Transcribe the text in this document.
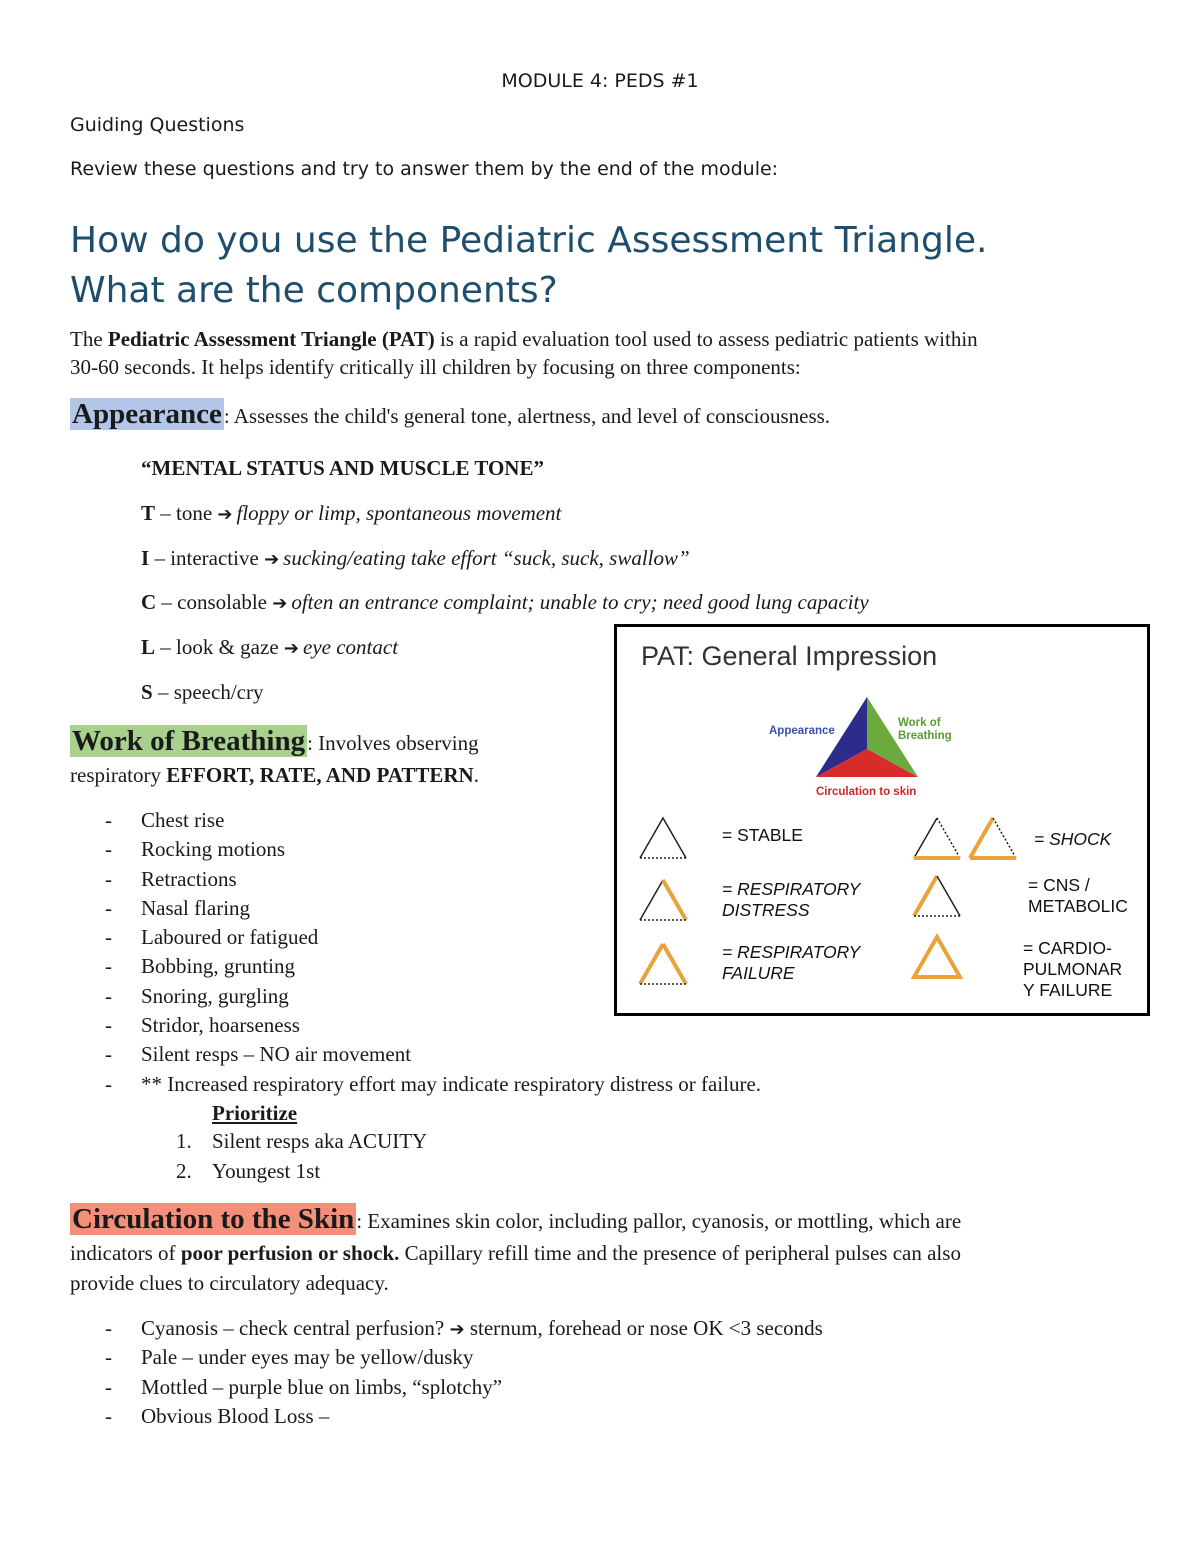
MODULE 4: PEDS #1
Guiding Questions
Review these questions and try to answer them by the end of the module:
How do you use the Pediatric Assessment Triangle.
What are the components?
The Pediatric Assessment Triangle (PAT) is a rapid evaluation tool used to assess pediatric patients within
30-60 seconds. It helps identify critically ill children by focusing on three components:
Appearance: Assesses the child's general tone, alertness, and level of consciousness.
“MENTAL STATUS AND MUSCLE TONE”
T – tone ➔ floppy or limp, spontaneous movement
I – interactive ➔ sucking/eating take effort “suck, suck, swallow”
C – consolable ➔ often an entrance complaint; unable to cry; need good lung capacity
L – look & gaze ➔ eye contact
S – speech/cry
Work of Breathing: Involves observing
respiratory EFFORT, RATE, AND PATTERN.
- Chest rise
- Rocking motions
- Retractions
- Nasal flaring
- Laboured or fatigued
- Bobbing, grunting
- Snoring, gurgling
- Stridor, hoarseness
- Silent resps – NO air movement
- ** Increased respiratory effort may indicate respiratory distress or failure.
Prioritize
1. Silent resps aka ACUITY
2. Youngest 1st
Circulation to the Skin: Examines skin color, including pallor, cyanosis, or mottling, which are
indicators of poor perfusion or shock. Capillary refill time and the presence of peripheral pulses can also
provide clues to circulatory adequacy.
- Cyanosis – check central perfusion? ➔ sternum, forehead or nose OK <3 seconds
- Pale – under eyes may be yellow/dusky
- Mottled – purple blue on limbs, “splotchy”
- Obvious Blood Loss –
PAT: General Impression
Appearance
Work of
Breathing
Circulation to skin
= STABLE	= SHOCK
= RESPIRATORY
DISTRESS
= CNS /
METABOLIC
= RESPIRATORY
FAILURE
= CARDIO-
PULMONAR
Y FAILURE
